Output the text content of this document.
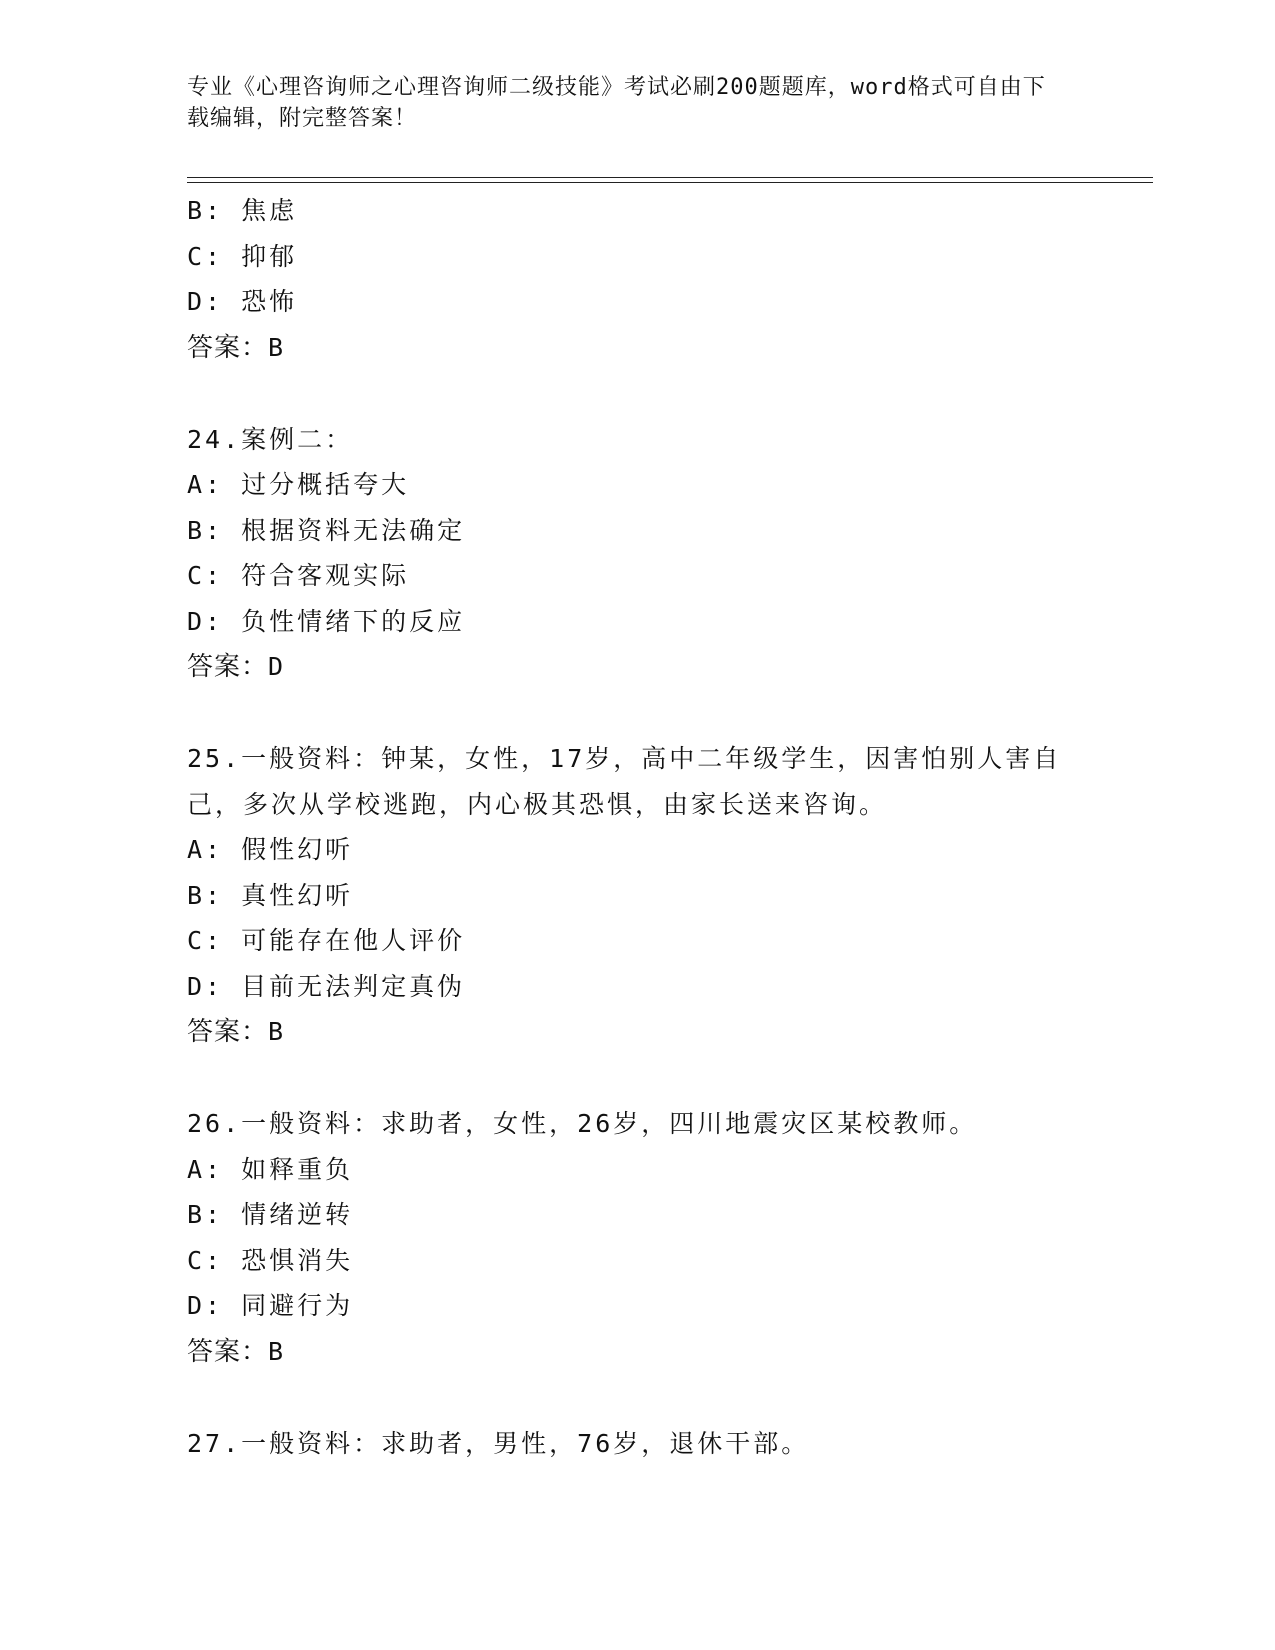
专业《心理咨询师之心理咨询师二级技能》考试必刷200题题库，word格式可自由下载编辑，附完整答案！
B: 焦虑
C: 抑郁
D: 恐怖
答案：B
24.案例二：
A: 过分概括夸大
B: 根据资料无法确定
C: 符合客观实际
D: 负性情绪下的反应
答案：D
25.一般资料：钟某，女性，17岁，高中二年级学生，因害怕别人害自己，多次从学校逃跑，内心极其恐惧，由家长送来咨询。
A: 假性幻听
B: 真性幻听
C: 可能存在他人评价
D: 目前无法判定真伪
答案：B
26.一般资料：求助者，女性，26岁，四川地震灾区某校教师。
A: 如释重负
B: 情绪逆转
C: 恐惧消失
D: 同避行为
答案：B
27.一般资料：求助者，男性，76岁，退休干部。
